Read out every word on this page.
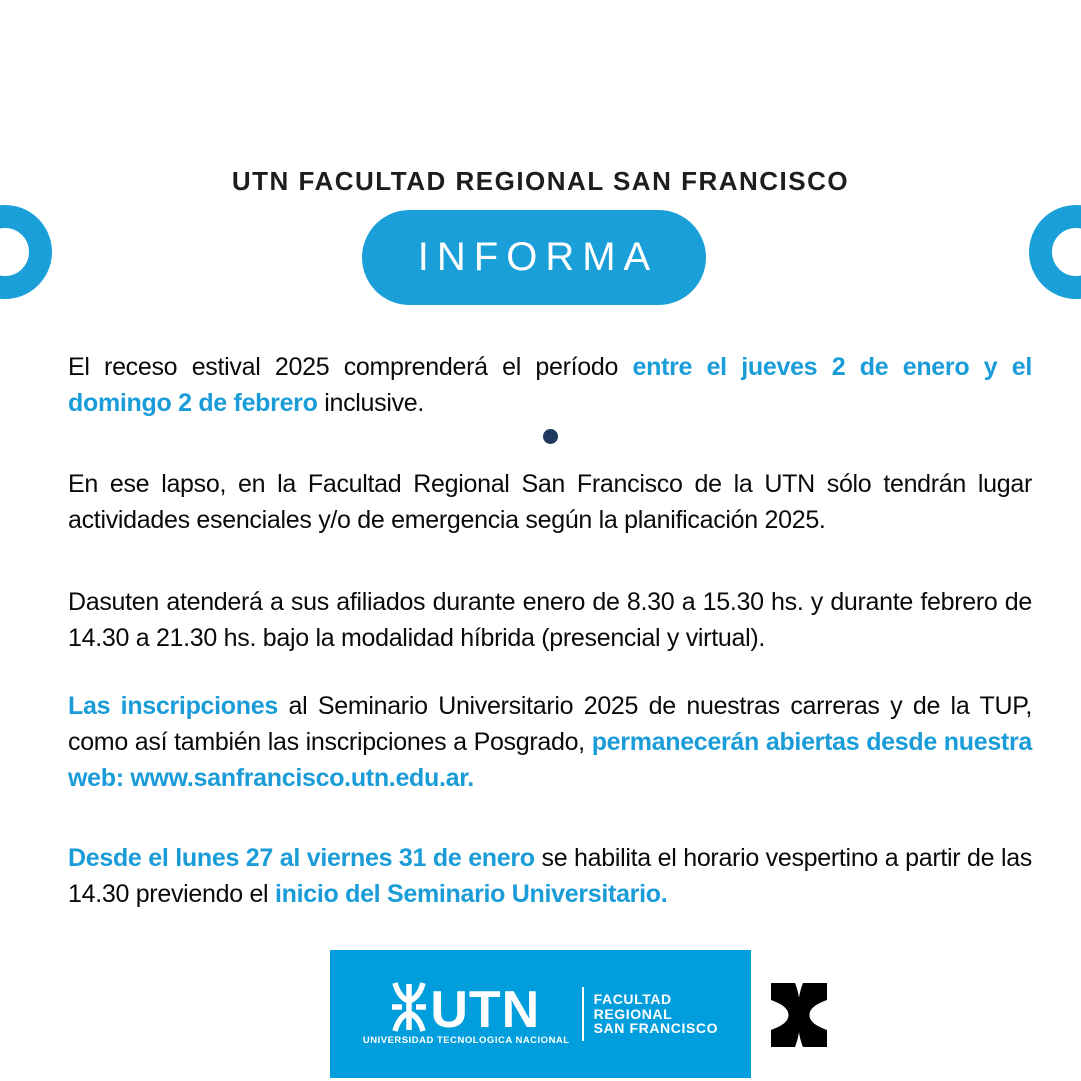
UTN FACULTAD REGIONAL SAN FRANCISCO
INFORMA

El receso estival 2025 comprenderá el período entre el jueves 2 de enero y el domingo 2 de febrero inclusive.

En ese lapso, en la Facultad Regional San Francisco de la UTN sólo tendrán lugar actividades esenciales y/o de emergencia según la planificación 2025.

Dasuten atenderá a sus afiliados durante enero de 8.30 a 15.30 hs. y durante febrero de 14.30 a 21.30 hs. bajo la modalidad híbrida (presencial y virtual).

Las inscripciones al Seminario Universitario 2025 de nuestras carreras y de la TUP, como así también las inscripciones a Posgrado, permanecerán abiertas desde nuestra web: www.sanfrancisco.utn.edu.ar.

Desde el lunes 27 al viernes 31 de enero se habilita el horario vespertino a partir de las 14.30 previendo el inicio del Seminario Universitario.

UTN
UNIVERSIDAD TECNOLOGICA NACIONAL
FACULTAD
REGIONAL
SAN FRANCISCO
